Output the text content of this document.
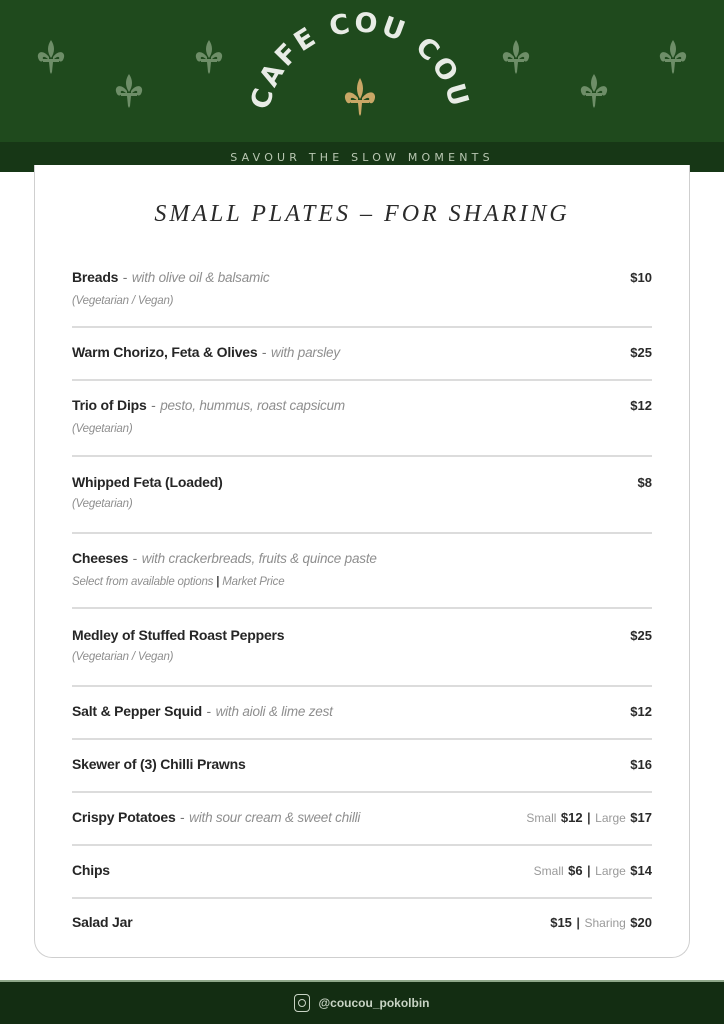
CAFE COU COU
SAVOUR THE SLOW MOMENTS
SMALL PLATES – FOR SHARING
Breads - with olive oil & balsamic	$10
(Vegetarian / Vegan)
Warm Chorizo, Feta & Olives - with parsley	$25
Trio of Dips - pesto, hummus, roast capsicum	$12
(Vegetarian)
Whipped Feta (Loaded)	$8
(Vegetarian)
Cheeses - with crackerbreads, fruits & quince paste
Select from available options | Market Price
Medley of Stuffed Roast Peppers	$25
(Vegetarian / Vegan)
Salt & Pepper Squid - with aioli & lime zest	$12
Skewer of (3) Chilli Prawns	$16
Crispy Potatoes - with sour cream & sweet chilli	Small $12 | Large $17
Chips	Small $6 | Large $14
Salad Jar	$15 | Sharing $20
@coucou_pokolbin
